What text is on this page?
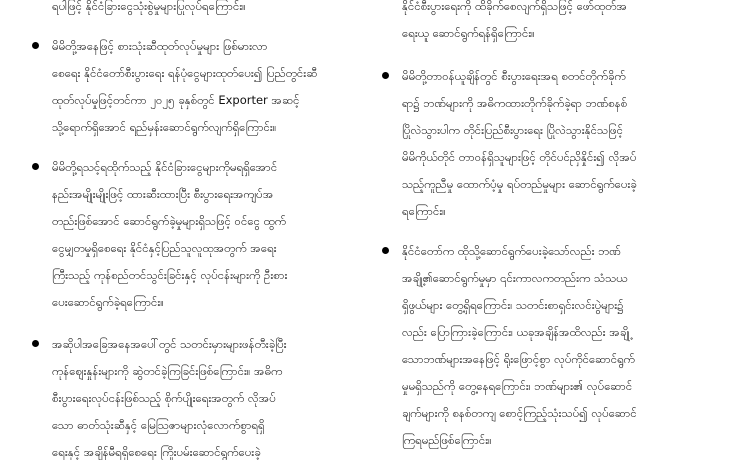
ရပါဖြင့် နိုင်ငံခြားငွေသုံးစွဲမှုများပြုလုပ်ရကြောင်း။
မိမိတို့အနေဖြင့် စားသုံးဆီထုတ်လုပ်မှုများ ဖြစ်မားလာ
စေရေး နိုင်ငံတော်စီးပွားရေး ရန်ပုံငွေများထုတ်ပေး၍ ပြည်တွင်းဆီ
ထုတ်လုပ်မှုဖြင့်တင်ကာ ၂၀၂၅ ခုနှစ်တွင် Exporter အဆင့်
သို့ရောက်ရှိအောင် ရည်မှန်းဆောင်ရွက်လျက်ရှိကြောင်း။
မိမိတို့ရသင့်ရထိုက်သည့် နိုင်ငံခြားငွေများကိုမရရှိအောင်
နည်းအမျိုးမျိုးဖြင့် ထားဆီးထားပြီး စီးပွားရေးအကျပ်အ
တည်းဖြစ်အောင် ဆောင်ရွက်ခဲ့မှုများရှိသဖြင့် ဝင်ငွေ ထွက်
ငွေမျှတမှုရှိစေရေး နိုင်ငံနှင့်ပြည်သူလူထုအတွက် အရေး
ကြီးသည့် ကုန်စည်တင်သွင်းခြင်းနှင့် လုပ်ငန်းများကို ဦးစား
ပေးဆောင်ရွက်ခဲ့ရကြောင်း။
အဆိုပါအခြေအနေအပေါ်တွင် သတင်းမှားများဖန်တီးခဲ့ပြီး
ကုန်ဈေးနှုန်းများကို ဆွဲတင်ခဲ့ကြခြင်းဖြစ်ကြောင်း။ အဓိက
စီးပွားရေးလုပ်ငန်းဖြစ်သည့် စိုက်ပျိုးရေးအတွက် လိုအပ်
သော ဓာတ်သုံးဆီနှင့် မြေဩဇာများလုံလောက်စွာရရှိ
ရေးနှင့် အချိန်မီရရှိစေရေး ကြိုးပမ်းဆောင်ရွက်ပေးခဲ့
နိုင်ငံစီးပွားရေးကို ထိခိုက်စေလျက်ရှိသဖြင့် ဖော်ထုတ်အ
ရေးယူ ဆောင်ရွက်ရန်ရှိကြောင်း။
မိမိတို့တာဝန်ယူချိန်တွင် စီးပွားရေးအရ စတင်တိုက်ခိုက်
ရာ၌ ဘဏ်များကို အဓိကထားတိုက်ခိုက်ခဲ့ရာ ဘဏ်စနစ်
ပြိုလဲသွားပါက တိုင်းပြည်စီးပွားရေး ပြိုလဲသွားနိုင်သဖြင့်
မိမိကိုယ်တိုင် တာဝန်ရှိသူများဖြင့် တိုင်ပင်ညှိနှိုင်း၍ လိုအပ်
သည့်ကူညီမှု ထောက်ပံ့မှု ရပ်တည်မှုများ ဆောင်ရွက်ပေးခဲ့
ရကြောင်း။
နိုင်ငံတော်က ထိုသို့ဆောင်ရွက်ပေးခဲ့သော်လည်း ဘဏ်
အချို့၏ဆောင်ရွက်မှုမှာ ၎င်းကာလကတည်းက သံသယ
ရှိဖွယ်များ တွေ့ရှိရကြောင်း၊ သတင်းစာရှင်းလင်းပွဲများ၌
လည်း ပြောကြားခဲ့ကြောင်း၊ ယခုအချိန်အထိလည်း အချို့
သောဘဏ်များအနေဖြင့် ရိုးဖြောင့်စွာ လုပ်ကိုင်ဆောင်ရွက်
မှုမရှိသည်ကို တွေ့နေရကြောင်း၊ ဘဏ်များ၏ လုပ်ဆောင်
ချက်များကို စနစ်တကျ စောင့်ကြည့်သုံးသပ်၍ လုပ်ဆောင်
ကြရမည်ဖြစ်ကြောင်း။
